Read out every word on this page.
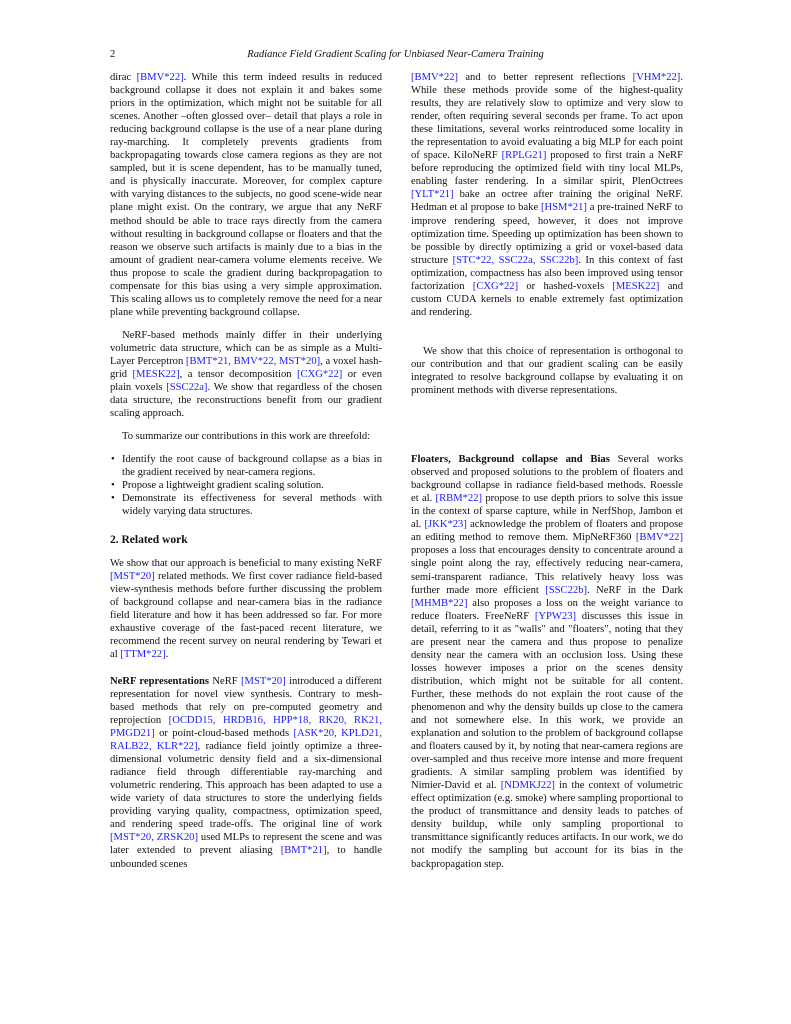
2	Radiance Field Gradient Scaling for Unbiased Near-Camera Training

dirac [BMV*22]. While this term indeed results in reduced background collapse it does not explain it and bakes some priors in the optimization, which might not be suitable for all scenes. Another –often glossed over– detail that plays a role in reducing background collapse is the use of a near plane during ray-marching. It completely prevents gradients from backpropagating towards close camera regions as they are not sampled, but it is scene dependent, has to be manually tuned, and is physically inaccurate. Moreover, for complex capture with varying distances to the subjects, no good scene-wide near plane might exist. On the contrary, we argue that any NeRF method should be able to trace rays directly from the camera without resulting in background collapse or floaters and that the reason we observe such artifacts is mainly due to a bias in the amount of gradient near-camera volume elements receive. We thus propose to scale the gradient during backpropagation to compensate for this bias using a very simple approximation. This scaling allows us to completely remove the need for a near plane while preventing background collapse.

NeRF-based methods mainly differ in their underlying volumetric data structure, which can be as simple as a Multi-Layer Perceptron [BMT*21, BMV*22, MST*20], a voxel hash-grid [MESK22], a tensor decomposition [CXG*22] or even plain voxels [SSC22a]. We show that regardless of the chosen data structure, the reconstructions benefit from our gradient scaling approach.

To summarize our contributions in this work are threefold:

• Identify the root cause of background collapse as a bias in the gradient received by near-camera regions.
• Propose a lightweight gradient scaling solution.
• Demonstrate its effectiveness for several methods with widely varying data structures.
2. Related work

We show that our approach is beneficial to many existing NeRF [MST*20] related methods. We first cover radiance field-based view-synthesis methods before further discussing the problem of background collapse and near-camera bias in the radiance field literature and how it has been addressed so far. For more exhaustive coverage of the fast-paced recent literature, we recommend the recent survey on neural rendering by Tewari et al [TTM*22].

NeRF representations NeRF [MST*20] introduced a different representation for novel view synthesis. Contrary to mesh-based methods that rely on pre-computed geometry and reprojection [OCDD15, HRDB16, HPP*18, RK20, RK21, PMGD21] or point-cloud-based methods [ASK*20, KPLD21, RALB22, KLR*22], radiance field jointly optimize a three-dimensional volumetric density field and a six-dimensional radiance field through differentiable ray-marching and volumetric rendering. This approach has been adapted to use a wide variety of data structures to store the underlying fields providing varying quality, compactness, optimization speed, and rendering speed trade-offs. The original line of work [MST*20, ZRSK20] used MLPs to represent the scene and was later extended to prevent aliasing [BMT*21], to handle unbounded scenes

[BMV*22] and to better represent reflections [VHM*22]. While these methods provide some of the highest-quality results, they are relatively slow to optimize and very slow to render, often requiring several seconds per frame. To act upon these limitations, several works reintroduced some locality in the representation to avoid evaluating a big MLP for each point of space. KiloNeRF [RPLG21] proposed to first train a NeRF before reproducing the optimized field with tiny local MLPs, enabling faster rendering. In a similar spirit, PlenOctrees [YLT*21] bake an octree after training the original NeRF. Hedman et al propose to bake [HSM*21] a pre-trained NeRF to improve rendering speed, however, it does not improve optimization time. Speeding up optimization has been shown to be possible by directly optimizing a grid or voxel-based data structure [STC*22, SSC22a, SSC22b]. In this context of fast optimization, compactness has also been improved using tensor factorization [CXG*22] or hashed-voxels [MESK22] and custom CUDA kernels to enable extremely fast optimization and rendering.

We show that this choice of representation is orthogonal to our contribution and that our gradient scaling can be easily integrated to resolve background collapse by evaluating it on prominent methods with diverse representations.

Floaters, Background collapse and Bias Several works observed and proposed solutions to the problem of floaters and background collapse in radiance field-based methods. Roessle et al. [RBM*22] propose to use depth priors to solve this issue in the context of sparse capture, while in NerfShop, Jambon et al. [JKK*23] acknowledge the problem of floaters and propose an editing method to remove them. MipNeRF360 [BMV*22] proposes a loss that encourages density to concentrate around a single point along the ray, effectively reducing near-camera, semi-transparent radiance. This relatively heavy loss was further made more efficient [SSC22b]. NeRF in the Dark [MHMB*22] also proposes a loss on the weight variance to reduce floaters. FreeNeRF [YPW23] discusses this issue in detail, referring to it as "walls" and "floaters", noting that they are present near the camera and thus propose to penalize density near the camera with an occlusion loss. Using these losses however imposes a prior on the scenes density distribution, which might not be suitable for all content. Further, these methods do not explain the root cause of the phenomenon and why the density builds up close to the camera and not somewhere else. In this work, we provide an explanation and solution to the problem of background collapse and floaters caused by it, by noting that near-camera regions are over-sampled and thus receive more intense and more frequent gradients. A similar sampling problem was identified by Nimier-David et al. [NDMKJ22] in the context of volumetric effect optimization (e.g. smoke) where sampling proportional to the product of transmittance and density leads to patches of density buildup, while only sampling proportional to transmittance significantly reduces artifacts. In our work, we do not modify the sampling but account for its bias in the backpropagation step.
